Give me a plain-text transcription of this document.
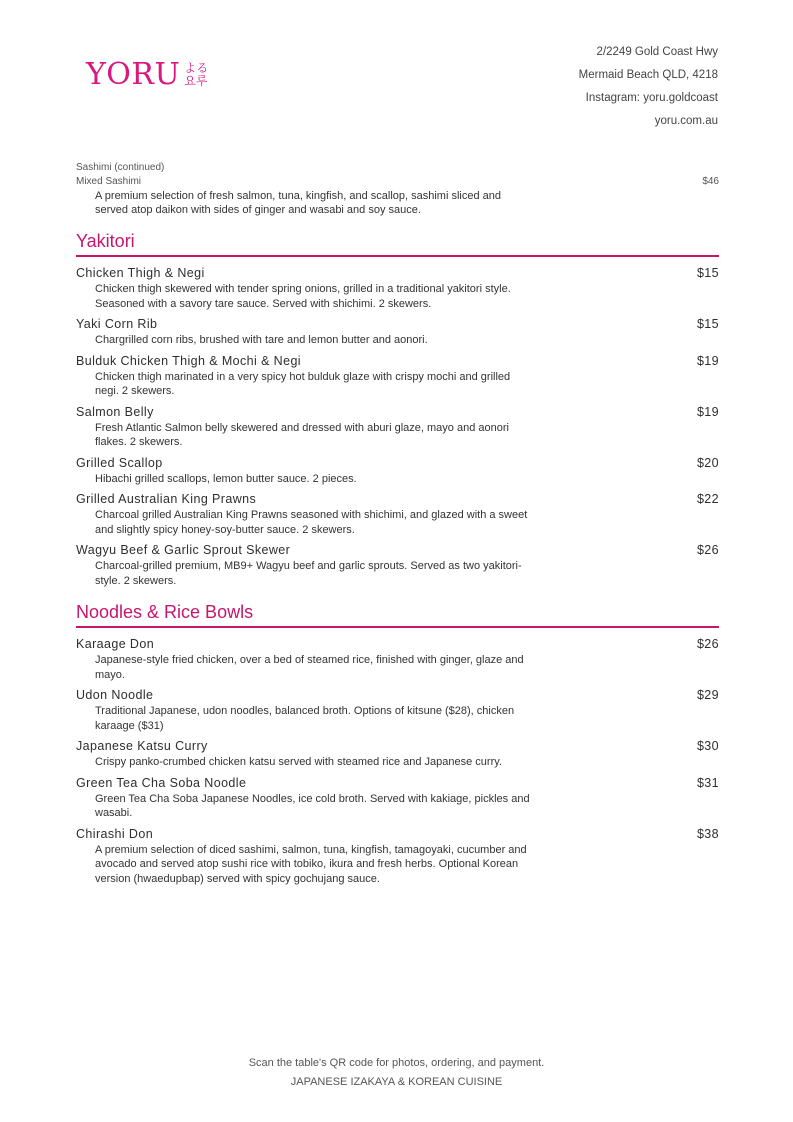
YORU よる
요루
2/2249 Gold Coast Hwy
Mermaid Beach QLD, 4218
Instagram: yoru.goldcoast
yoru.com.au
Sashimi (continued)
Mixed Sashimi	$46
A premium selection of fresh salmon, tuna, kingfish, and scallop, sashimi sliced and served atop daikon with sides of ginger and wasabi and soy sauce.
Yakitori
Chicken Thigh & Negi	$15
Chicken thigh skewered with tender spring onions, grilled in a traditional yakitori style. Seasoned with a savory tare sauce. Served with shichimi. 2 skewers.
Yaki Corn Rib	$15
Chargrilled corn ribs, brushed with tare and lemon butter and aonori.
Bulduk Chicken Thigh & Mochi & Negi	$19
Chicken thigh marinated in a very spicy hot bulduk glaze with crispy mochi and grilled negi. 2 skewers.
Salmon Belly	$19
Fresh Atlantic Salmon belly skewered and dressed with aburi glaze, mayo and aonori flakes. 2 skewers.
Grilled Scallop	$20
Hibachi grilled scallops, lemon butter sauce. 2 pieces.
Grilled Australian King Prawns	$22
Charcoal grilled Australian King Prawns seasoned with shichimi, and glazed with a sweet and slightly spicy honey-soy-butter sauce. 2 skewers.
Wagyu Beef & Garlic Sprout Skewer	$26
Charcoal-grilled premium, MB9+ Wagyu beef and garlic sprouts. Served as two yakitori-style. 2 skewers.
Noodles & Rice Bowls
Karaage Don	$26
Japanese-style fried chicken, over a bed of steamed rice, finished with ginger, glaze and mayo.
Udon Noodle	$29
Traditional Japanese, udon noodles, balanced broth. Options of kitsune ($28), chicken karaage ($31)
Japanese Katsu Curry	$30
Crispy panko-crumbed chicken katsu served with steamed rice and Japanese curry.
Green Tea Cha Soba Noodle	$31
Green Tea Cha Soba Japanese Noodles, ice cold broth. Served with kakiage, pickles and wasabi.
Chirashi Don	$38
A premium selection of diced sashimi, salmon, tuna, kingfish, tamagoyaki, cucumber and avocado and served atop sushi rice with tobiko, ikura and fresh herbs. Optional Korean version (hwaedupbap) served with spicy gochujang sauce.
Scan the table's QR code for photos, ordering, and payment.
JAPANESE IZAKAYA & KOREAN CUISINE
